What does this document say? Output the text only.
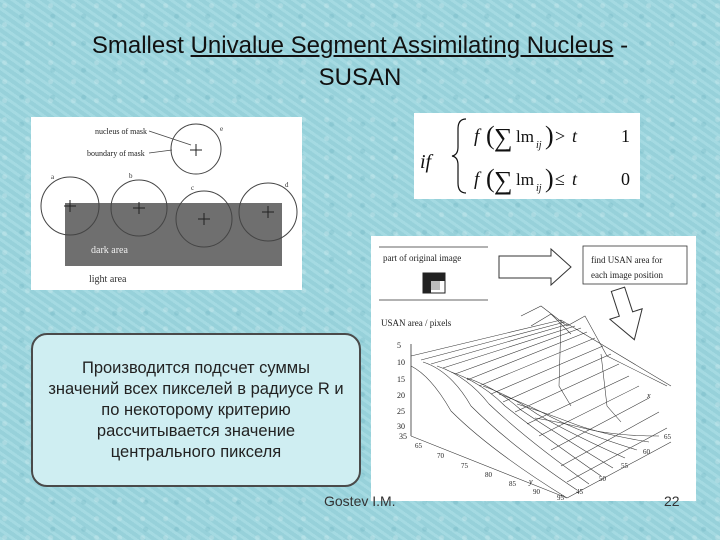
Smallest Univalue Segment Assimilating Nucleus -
SUSAN
nucleus of mask
boundary of mask
a	b
c	d
e
dark area
light area
if
f ( ∑ lm ij ) > t 1
f ( ∑ lm ij ) ≤ t 0
part of original image	find USAN area for
each image position
USAN area / pixels
5
10
15
20
25
30
35
65
70
75
80
85
90
95
45
50
55
60
65
x
y

Производится подсчет суммы значений всех пикселей в радиусе R и по некоторому критерию рассчитывается значение центрального пикселя

Gostev I.M.	22
